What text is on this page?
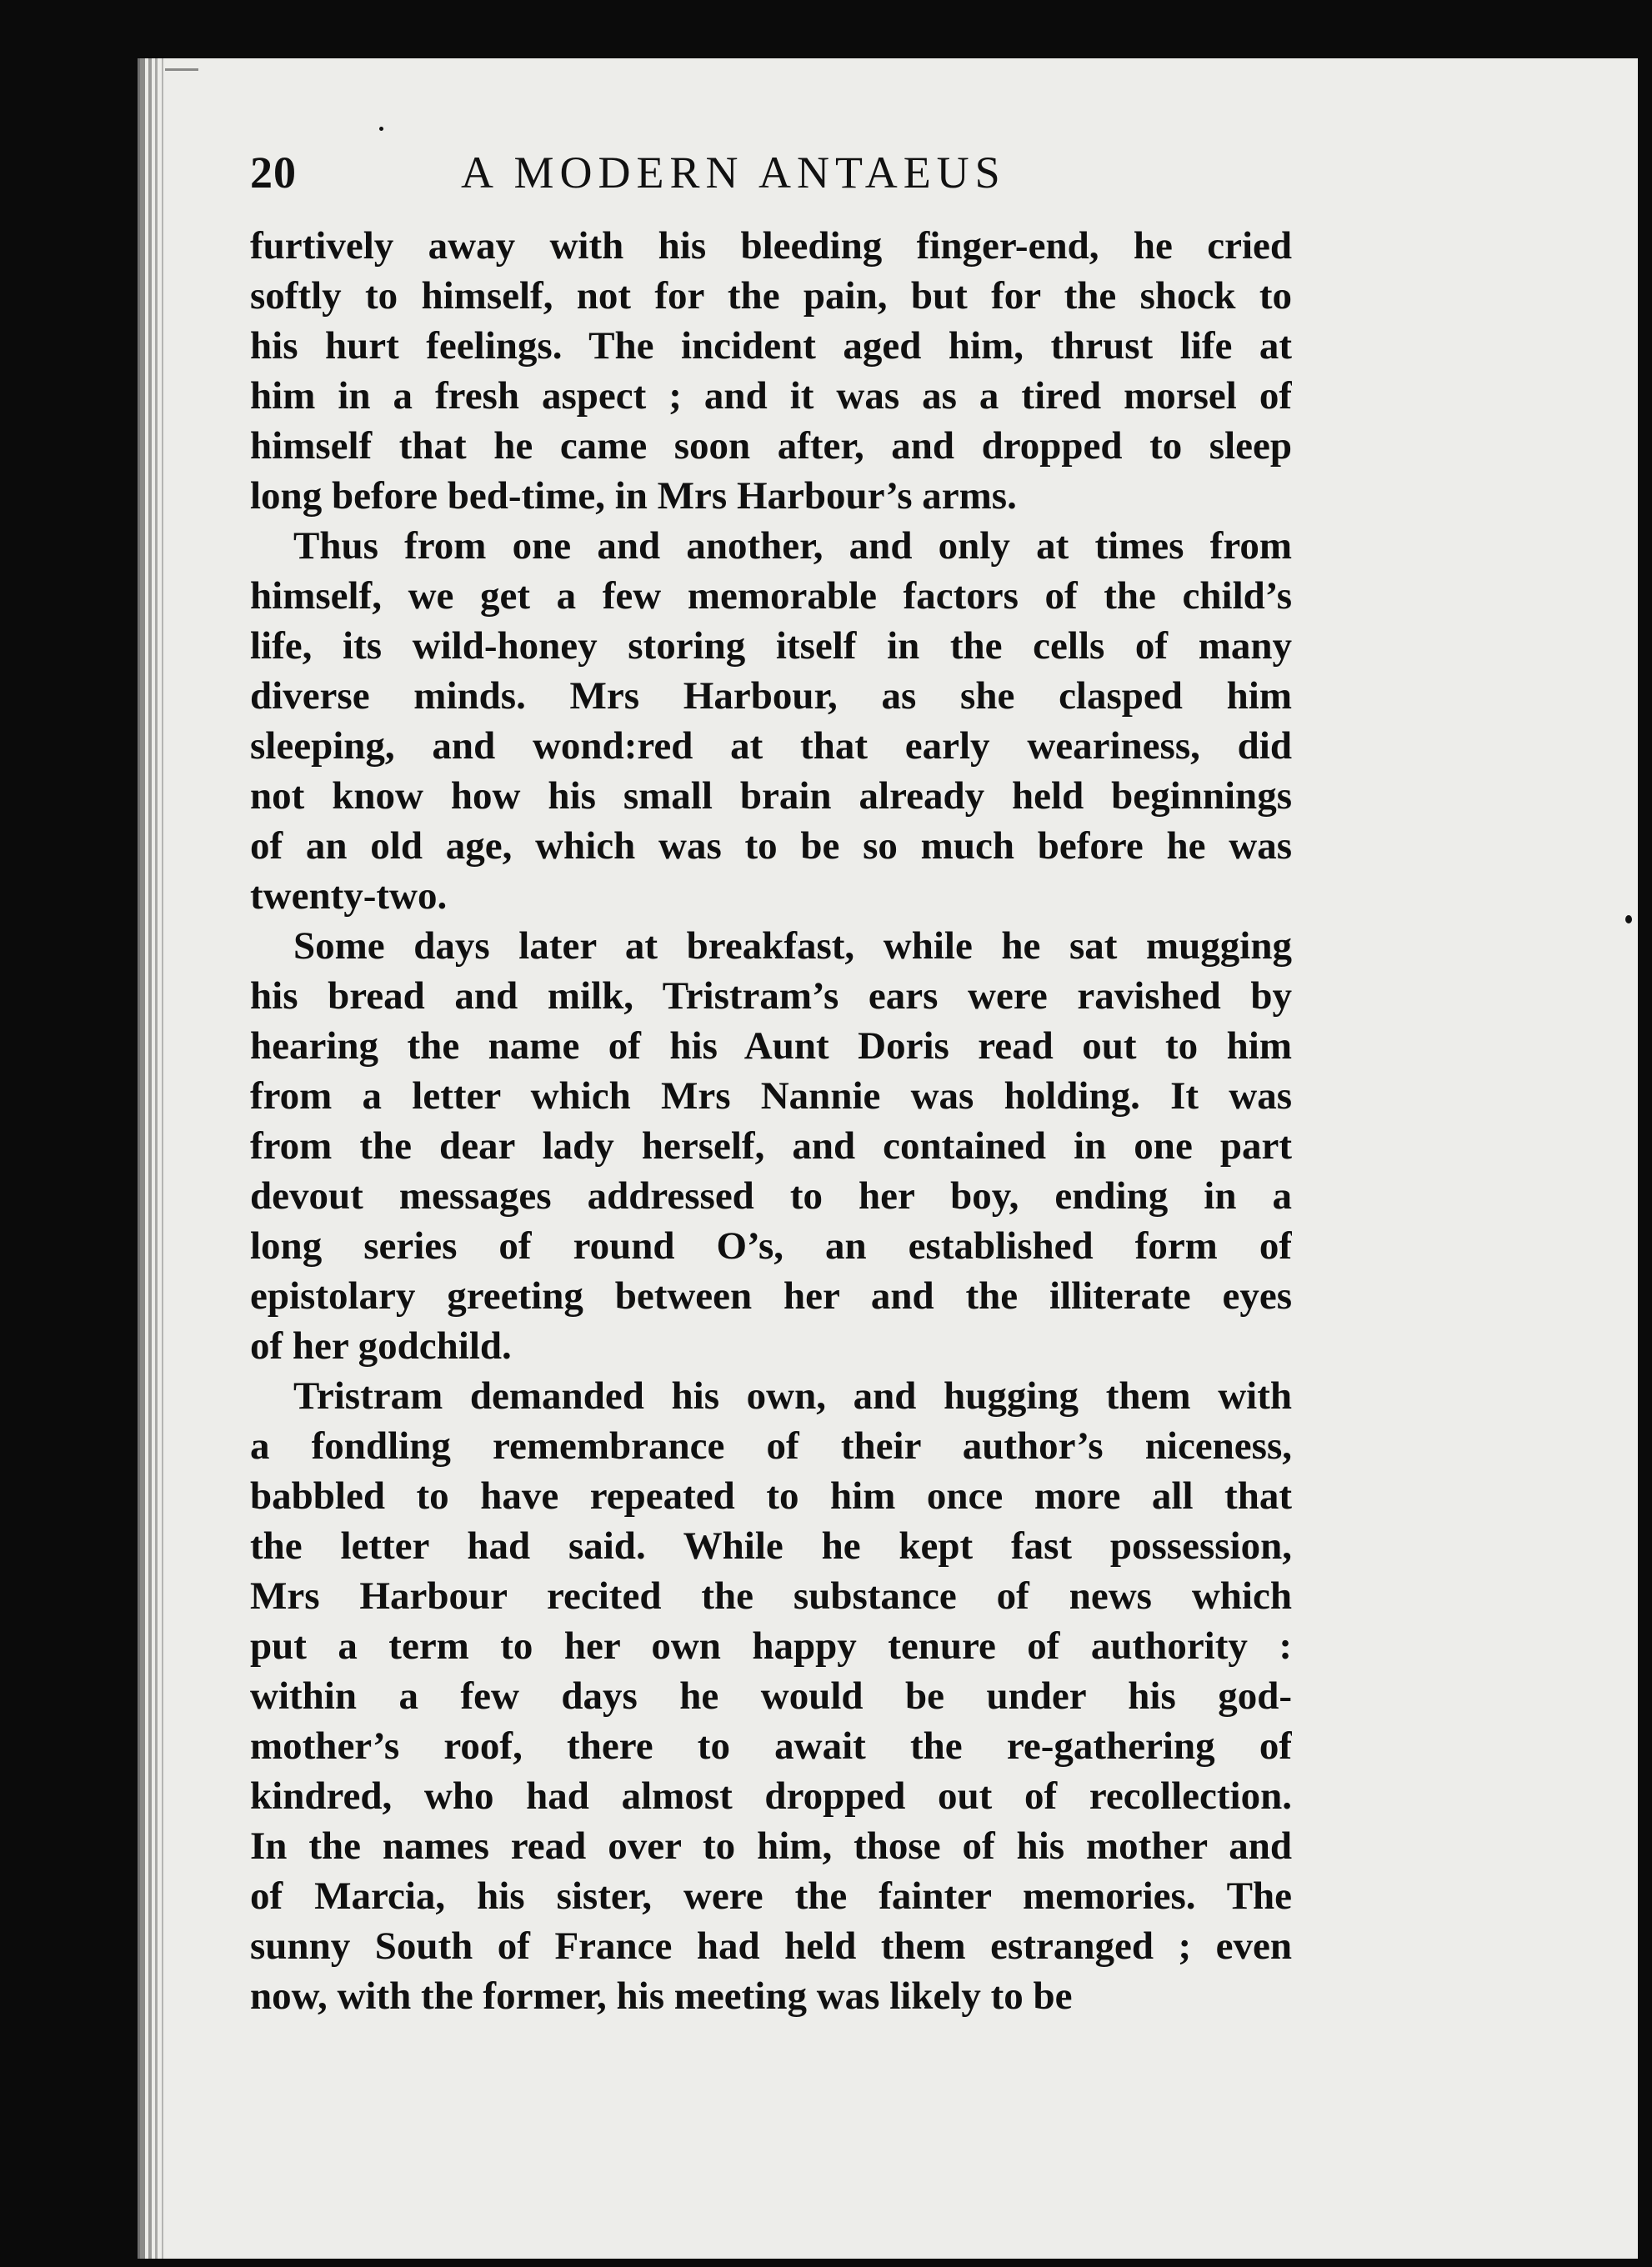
20	A MODERN ANTAEUS
furtively away with his bleeding finger-end, he cried
softly to himself, not for the pain, but for the shock to
his hurt feelings. The incident aged him, thrust life at
him in a fresh aspect ; and it was as a tired morsel of
himself that he came soon after, and dropped to sleep
long before bed-time, in Mrs Harbour’s arms.
Thus from one and another, and only at times from
himself, we get a few memorable factors of the child’s
life, its wild-honey storing itself in the cells of many
diverse minds. Mrs Harbour, as she clasped him
sleeping, and wond:red at that early weariness, did
not know how his small brain already held beginnings
of an old age, which was to be so much before he was
twenty-two.
Some days later at breakfast, while he sat mugging
his bread and milk, Tristram’s ears were ravished by
hearing the name of his Aunt Doris read out to him
from a letter which Mrs Nannie was holding. It was
from the dear lady herself, and contained in one part
devout messages addressed to her boy, ending in a
long series of round O’s, an established form of
epistolary greeting between her and the illiterate eyes
of her godchild.
Tristram demanded his own, and hugging them with
a fondling remembrance of their author’s niceness,
babbled to have repeated to him once more all that
the letter had said. While he kept fast possession,
Mrs Harbour recited the substance of news which
put a term to her own happy tenure of authority :
within a few days he would be under his god-
mother’s roof, there to await the re-gathering of
kindred, who had almost dropped out of recollection.
In the names read over to him, those of his mother and
of Marcia, his sister, were the fainter memories. The
sunny South of France had held them estranged ; even
now, with the former, his meeting was likely to be
